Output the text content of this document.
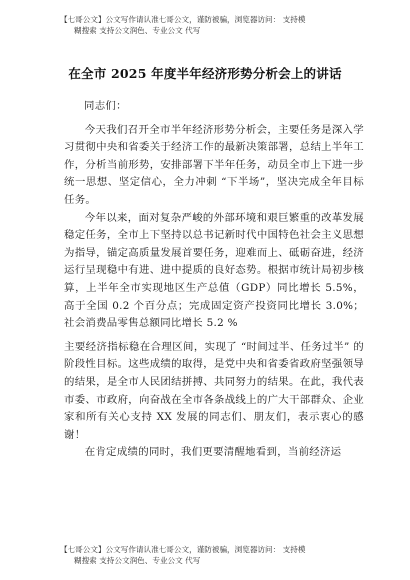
【七哥公文】公文写作请认准七哥公文，谨防被骗，浏览器访问： 支持模
糊搜索 支持公文润色、专业公文 代写
在全市 2025 年度半年经济形势分析会上的讲话

同志们：

今天我们召开全市半年经济形势分析会，主要任务是深入学习贯彻中央和省委关于经济工作的最新决策部署，总结上半年工作，分析当前形势，安排部署下半年任务，动员全市上下进一步统一思想、坚定信心，全力冲刺 “下半场”，坚决完成全年目标任务。

今年以来，面对复杂严峻的外部环境和艰巨繁重的改革发展稳定任务，全市上下坚持以总书记新时代中国特色社会主义思想为指导，锚定高质量发展首要任务，迎难而上、砥砺奋进，经济运行呈现稳中有进、进中提质的良好态势。根据市统计局初步核算，上半年全市实现地区生产总值（GDP）同比增长 5.5%，高于全国 0.2 个百分点；完成固定资产投资同比增长 3.0%；社会消费品零售总额同比增长 5.2 %

主要经济指标稳在合理区间，实现了 “时间过半、任务过半” 的阶段性目标。这些成绩的取得，是党中央和省委省政府坚强领导的结果，是全市人民团结拼搏、共同努力的结果。在此，我代表市委、市政府，向奋战在全市各条战线上的广大干部群众、企业家和所有关心支持 XX 发展的同志们、朋友们，表示衷心的感谢！

在肯定成绩的同时，我们更要清醒地看到，当前经济运

【七哥公文】公文写作请认准七哥公文，谨防被骗，浏览器访问： 支持模
糊搜索 支持公文润色、专业公文 代写
